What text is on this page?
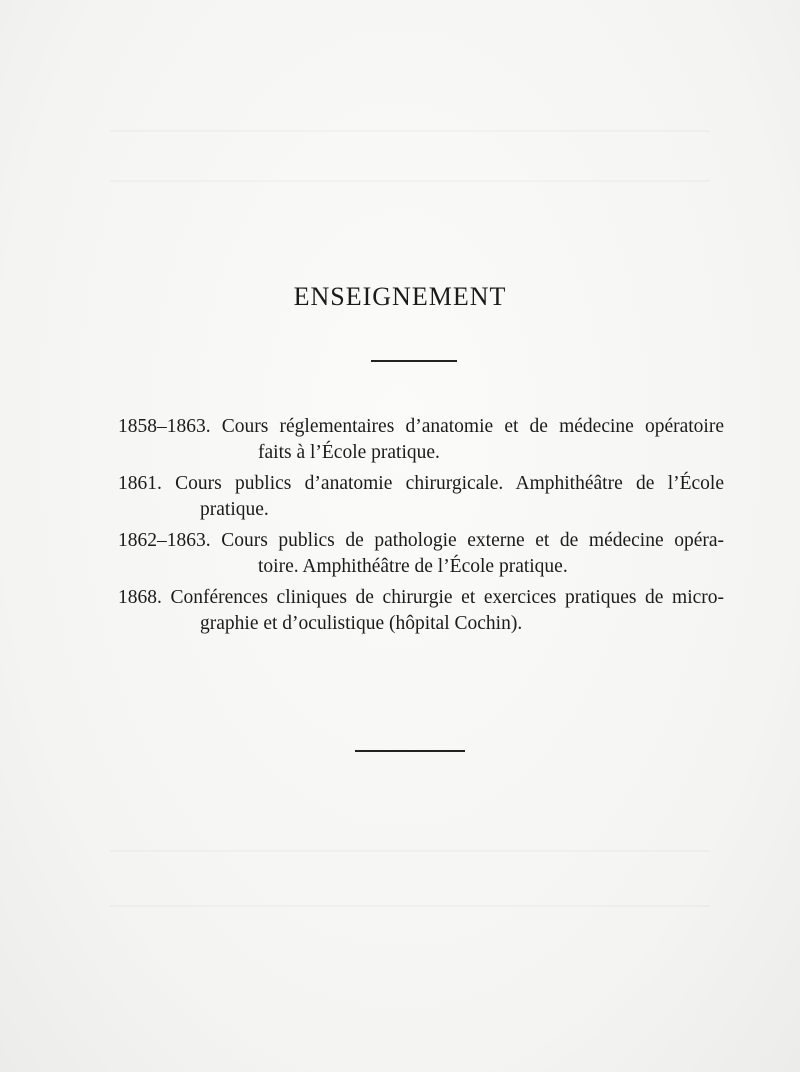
ENSEIGNEMENT
1858–1863. Cours réglementaires d’anatomie et de médecine opératoire
faits à l’École pratique.
1861. Cours publics d’anatomie chirurgicale. Amphithéâtre de l’École
pratique.
1862–1863. Cours publics de pathologie externe et de médecine opéra-
toire. Amphithéâtre de l’École pratique.
1868. Conférences cliniques de chirurgie et exercices pratiques de micro-
graphie et d’oculistique (hôpital Cochin).
